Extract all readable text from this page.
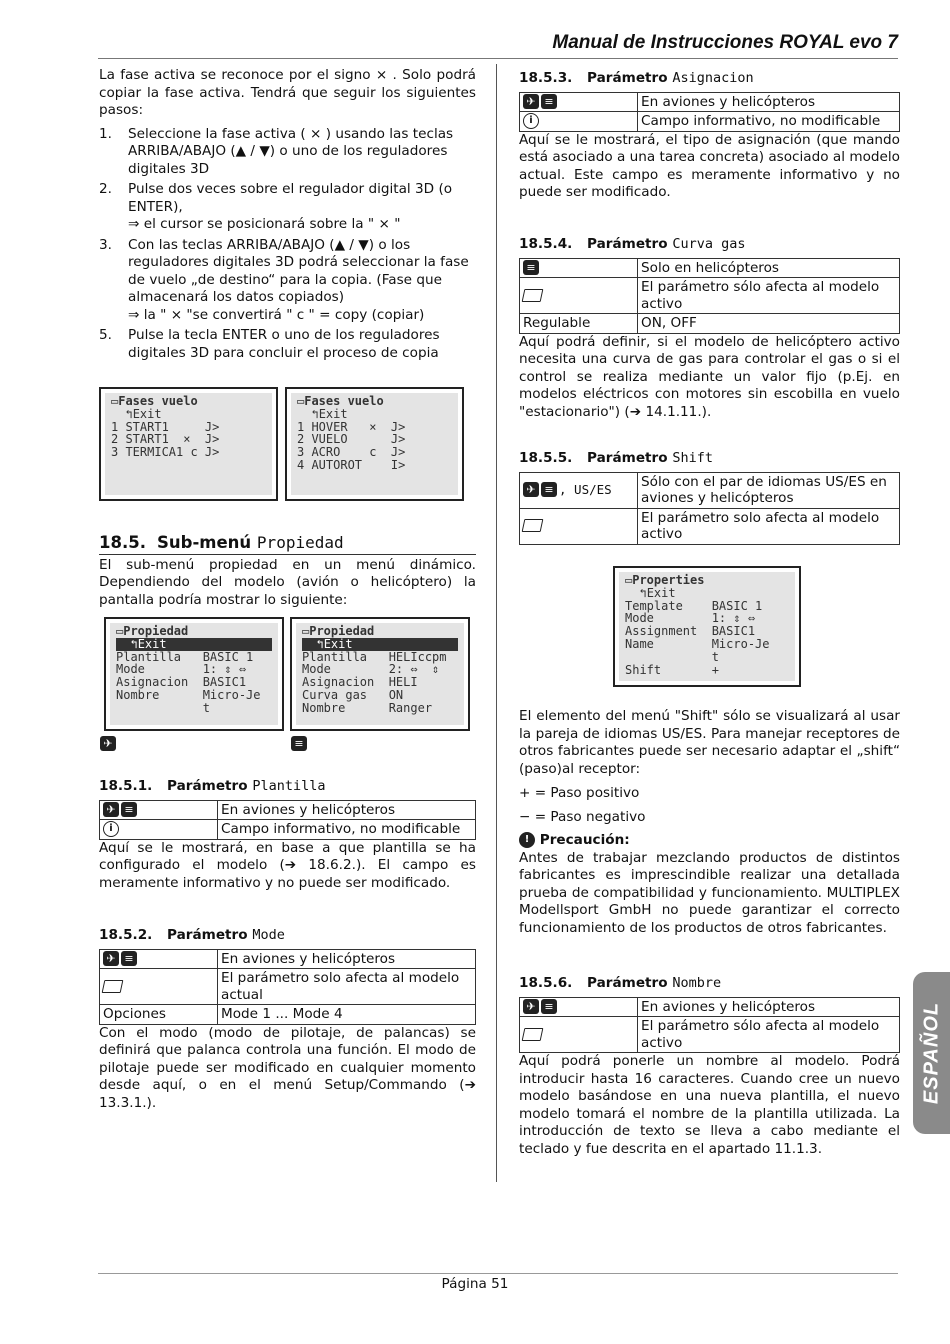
Manual de Instrucciones ROYAL evo 7

La fase activa se reconoce por el signo × . Solo podrá copiar la fase activa. Tendrá que seguir los siguientes pasos:

1. Seleccione la fase activa ( × ) usando las teclas ARRIBA/ABAJO (▲ / ▼) o uno de los reguladores digitales 3D
2. Pulse dos veces sobre el regulador digital 3D (o ENTER),
⇒ el cursor se posicionará sobre la " × "
3. Con las teclas ARRIBA/ABAJO (▲ / ▼) o los reguladores digitales 3D podrá seleccionar la fase de vuelo „de destino“ para la copia. (Fase que almacenará los datos copiados)
⇒ la " × "se convertirá " c " = copy (copiar)
5. Pulse la tecla ENTER o uno de los reguladores digitales 3D para concluir el proceso de copia
▭Fases vuelo
↰Exit
1 START1     J>
2 START1  ×  J>
3 TERMICA1 c J>
▭Fases vuelo
↰Exit
1 HOVER   ×  J>
2 VUELO      J>
3 ACRO    c  J>
4 AUTOROT    I>
18.5. Sub-menú Propiedad

El sub-menú propiedad en un menú dinámico. Dependiendo del modelo (avión o helicóptero) la pantalla podría mostrar lo siguiente:

▭Propiedad
↰Exit
Plantilla   BASIC 1
Mode        1: ⇕ ⇔
Asignacion  BASIC1
Nombre      Micro-Je
t
▭Propiedad
↰Exit
Plantilla   HELIccpm
Mode        2: ⇔  ⇕
Asignacion  HELI
Curva gas   ON
Nombre      Ranger
✈	≡
18.5.1. Parámetro Plantilla
✈ ≡	En aviones y helicópteros
i	Campo informativo, no modificable

Aquí se le mostrará, en base a que plantilla se ha configurado el modelo (➔ 18.6.2.). El campo es meramente informativo y no puede ser modificado.

18.5.2. Parámetro Mode
✈ ≡	En aviones y helicópteros
	El parámetro solo afecta al modelo actual
Opciones	Mode 1 ... Mode 4

Con el modo (modo de pilotaje, de palancas) se definirá que palanca controla una función. El modo de pilotaje puede ser modificado en cualquier momento desde aquí, o en el menú Setup/Commando (➔ 13.3.1.).

18.5.3. Parámetro Asignacion
✈ ≡	En aviones y helicópteros
i	Campo informativo, no modificable

Aquí se le mostrará, el tipo de asignación (que mando está asociado a una tarea concreta) asociado al modelo actual. Este campo es meramente informativo y no puede ser modificado.

18.5.4. Parámetro Curva gas
≡	Solo en helicópteros
	El parámetro sólo afecta al modelo activo
Regulable	ON, OFF

Aquí podrá definir, si el modelo de helicóptero activo necesita una curva de gas para controlar el gas o si el control se realiza mediante un valor fijo (p.Ej. en modelos eléctricos con motores sin escobilla en vuelo "estacionario") (➔ 14.1.11.).

18.5.5. Parámetro Shift
✈ ≡ , US/ES	Sólo con el par de idiomas US/ES en aviones y helicópteros
	El parámetro solo afecta al modelo activo
▭Properties
↰Exit
Template    BASIC 1
Mode        1: ⇕ ⇔
Assignment  BASIC1
Name        Micro-Je
t
Shift       +

El elemento del menú "Shift" sólo se visualizará al usar la pareja de idiomas US/ES. Para manejar receptores de otros fabricantes puede ser necesario adaptar el „shift“ (paso)al receptor:

+ = Paso positivo

− = Paso negativo

! Precaución:

Antes de trabajar mezclando productos de distintos fabricantes es imprescindible realizar una detallada prueba de compatibilidad y funcionamiento. MULTIPLEX Modellsport GmbH no puede garantizar el correcto funcionamiento de los productos de otros fabricantes.

18.5.6. Parámetro Nombre
✈ ≡	En aviones y helicópteros
	El parámetro sólo afecta al modelo activo

Aquí podrá ponerle un nombre al modelo. Podrá introducir hasta 16 caracteres. Cuando cree un nuevo modelo basándose en una nueva plantilla, el nuevo modelo tomará el nombre de la plantilla utilizada. La introducción de texto se lleva a cabo mediante el teclado y fue descrita en el apartado 11.1.3.

ESPAÑOL
Página 51
